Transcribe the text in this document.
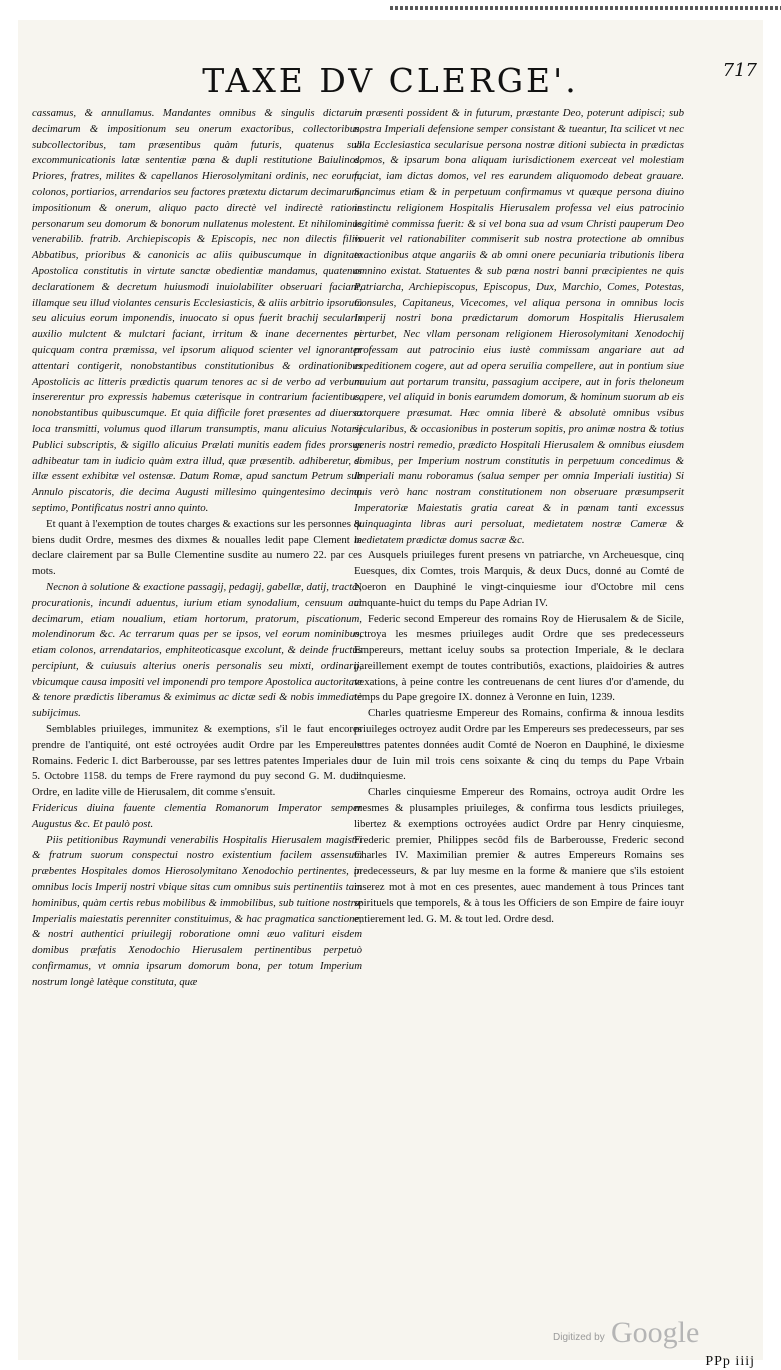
TAXE DV CLERGE'.	717

cassamus, & annullamus. Mandantes omnibus & singulis dictarum decimarum & impositionum seu onerum exactoribus, collectoribus, subcollectoribus, tam præsentibus quàm futuris, quatenus sub excommunicationis latæ sententiæ pœna & dupli restitutione Baiulinos, Priores, fratres, milites & capellanos Hierosolymitani ordinis, nec eorum, colonos, portiarios, arrendarios seu factores prætextu dictarum decimarum, impositionum & onerum, aliquo pacto directè vel indirectè ratione personarum seu domorum & bonorum nullatenus molestent. Et nihilominus venerabilib. fratrib. Archiepiscopis & Episcopis, nec non dilectis filiis Abbatibus, prioribus & canonicis ac aliis quibuscumque in dignitate Apostolica constitutis in virtute sanctæ obedientiæ mandamus, quatenus declarationem & decretum huiusmodi inuiolabiliter obseruari faciant, illamque seu illud violantes censuris Ecclesiasticis, & aliis arbitrio ipsorum seu alicuius eorum imponendis, inuocato si opus fuerit brachij secularis auxilio mulctent & mulctari faciant, irritum & inane decernentes si quicquam contra præmissa, vel ipsorum aliquod scienter vel ignoranter attentari contigerit, nonobstantibus constitutionibus & ordinationibus Apostolicis ac litteris prædictis quarum tenores ac si de verbo ad verbum insererentur pro expressis habemus cæterisque in contrarium facientibus, nonobstantibus quibuscumque. Et quia difficile foret præsentes ad diuersa loca transmitti, volumus quod illarum transumptis, manu alicuius Notarij Publici subscriptis, & sigillo alicuius Prælati munitis eadem fides prorsus adhibeatur tam in iudicio quàm extra illud, quæ præsentib. adhiberetur, si illæ essent exhibitæ vel ostensæ. Datum Romæ, apud sanctum Petrum sub Annulo piscatoris, die decima Augusti millesimo quingentesimo decimo septimo, Pontificatus nostri anno quinto.

Et quant à l'exemption de toutes charges & exactions sur les personnes & biens dudit Ordre, mesmes des dixmes & noualles ledit pape Clement le declare clairement par sa Bulle Clementine susdite au numero 22. par ces mots.

Necnon à solutione & exactione passagij, pedagij, gabellæ, datij, tractæ, procurationis, incundi aduentus, iurium etiam synodalium, censuum aut decimarum, etiam noualium, etiam hortorum, pratorum, piscationum, molendinorum &c. Ac terrarum quas per se ipsos, vel eorum nominibus, etiam colonos, arrendatarios, emphiteoticasque excolunt, & deinde fructus percipiunt, & cuiusuis alterius oneris personalis seu mixti, ordinarij, vbicumque causa impositi vel imponendi pro tempore Apostolica auctoritate & tenore prædictis liberamus & eximimus ac dictæ sedi & nobis immediatè subijcimus.

Semblables priuileges, immunitez & exemptions, s'il le faut encores prendre de l'antiquité, ont esté octroyées audit Ordre par les Empereurs Romains. Federic I. dict Barberousse, par ses lettres patentes Imperiales du 5. Octobre 1158. du temps de Frere raymond du puy second G. M. dudit Ordre, en ladite ville de Hierusalem, dit comme s'ensuit.

Fridericus diuina fauente clementia Romanorum Imperator semper Augustus &c. Et paulò post.

Piis petitionibus Raymundi venerabilis Hospitalis Hierusalem magistri & fratrum suorum conspectui nostro existentium facilem assensum præbentes Hospitales domos Hierosolymitano Xenodochio pertinentes, in omnibus locis Imperij nostri vbique sitas cum omnibus suis pertinentiis tam hominibus, quàm certis rebus mobilibus & immobilibus, sub tuitione nostræ Imperialis maiestatis perenniter constituimus, & hac pragmatica sanctione, & nostri authentici priuilegij roboratione omni æuo valituri eisdem domibus præfatis Xenodochio Hierusalem pertinentibus perpetuò confirmamus, vt omnia ipsarum domorum bona, per totum Imperium nostrum longè latèque constituta, quæ

in præsenti possident & in futurum, præstante Deo, poterunt adipisci; sub nostra Imperiali defensione semper consistant & tueantur, Ita scilicet vt nec vlla Ecclesiastica secularisue persona nostræ ditioni subiecta in prædictas domos, & ipsarum bona aliquam iurisdictionem exerceat vel molestiam faciat, iam dictas domos, vel res earundem aliquomodo debeat grauare. Sancimus etiam & in perpetuum confirmamus vt quæque persona diuino instinctu religionem Hospitalis Hierusalem professa vel eius patrocinio legitimè commissa fuerit: & si vel bona sua ad vsum Christi pauperum Deo vouerit vel rationabiliter commiserit sub nostra protectione ab omnibus exactionibus atque angariis & ab omni onere pecuniaria tributionis libera omnino existat. Statuentes & sub pœna nostri banni præcipientes ne quis Patriarcha, Archiepiscopus, Episcopus, Dux, Marchio, Comes, Potestas, Consules, Capitaneus, Vicecomes, vel aliqua persona in omnibus locis Imperij nostri bona prædictarum domorum Hospitalis Hierusalem perturbet, Nec vllam personam religionem Hierosolymitani Xenodochij professam aut patrocinio eius iustè commissam angariare aut ad expeditionem cogere, aut ad opera seruilia compellere, aut in pontium siue nauium aut portarum transitu, passagium accipere, aut in foris theloneum capere, vel aliquid in bonis earumdem domorum, & hominum suorum ab eis extorquere præsumat. Hæc omnia liberè & absolutè omnibus vsibus secularibus, & occasionibus in posterum sopitis, pro animæ nostra & totius generis nostri remedio, prædicto Hospitali Hierusalem & omnibus eiusdem domibus, per Imperium nostrum constitutis in perpetuum concedimus & Imperiali manu roboramus (salua semper per omnia Imperiali iustitia) Si quis verò hanc nostram constitutionem non obseruare præsumpserit Imperatoriæ Maiestatis gratia careat & in pœnam tanti excessus quinquaginta libras auri persoluat, medietatem nostræ Cameræ & medietatem prædictæ domus sacræ &c.

Ausquels priuileges furent presens vn patriarche, vn Archeuesque, cinq Euesques, dix Comtes, trois Marquis, & deux Ducs, donné au Comté de Noeron en Dauphiné le vingt-cinquiesme iour d'Octobre mil cens cinquante-huict du temps du Pape Adrian IV.

Federic second Empereur des romains Roy de Hierusalem & de Sicile, octroya les mesmes priuileges audit Ordre que ses predecesseurs Empereurs, mettant iceluy soubs sa protection Imperiale, & le declara pareillement exempt de toutes contributiôs, exactions, plaidoiries & autres vexations, à peine contre les contreuenans de cent liures d'or d'amende, du temps du Pape gregoire IX. donnez à Veronne en Iuin, 1239.

Charles quatriesme Empereur des Romains, confirma & innoua lesdits priuileges octroyez audit Ordre par les Empereurs ses predecesseurs, par ses lettres patentes données audit Comté de Noeron en Dauphiné, le dixiesme iour de Iuin mil trois cens soixante & cinq du temps du Pape Vrbain cinquiesme.

Charles cinquiesme Empereur des Romains, octroya audit Ordre les mesmes & plusamples priuileges, & confirma tous lesdicts priuileges, libertez & exemptions octroyées audict Ordre par Henry cinquiesme, Frederic premier, Philippes secôd fils de Barberousse, Frederic second Charles IV. Maximilian premier & autres Empereurs Romains ses predecesseurs, & par luy mesme en la forme & maniere que s'ils estoient inserez mot à mot en ces presentes, auec mandement à tous Princes tant spirituels que temporels, & à tous les Officiers de son Empire de faire iouyr entierement led. G. M. & tout led. Ordre desd.

PPp iiij
Digitized by Google
